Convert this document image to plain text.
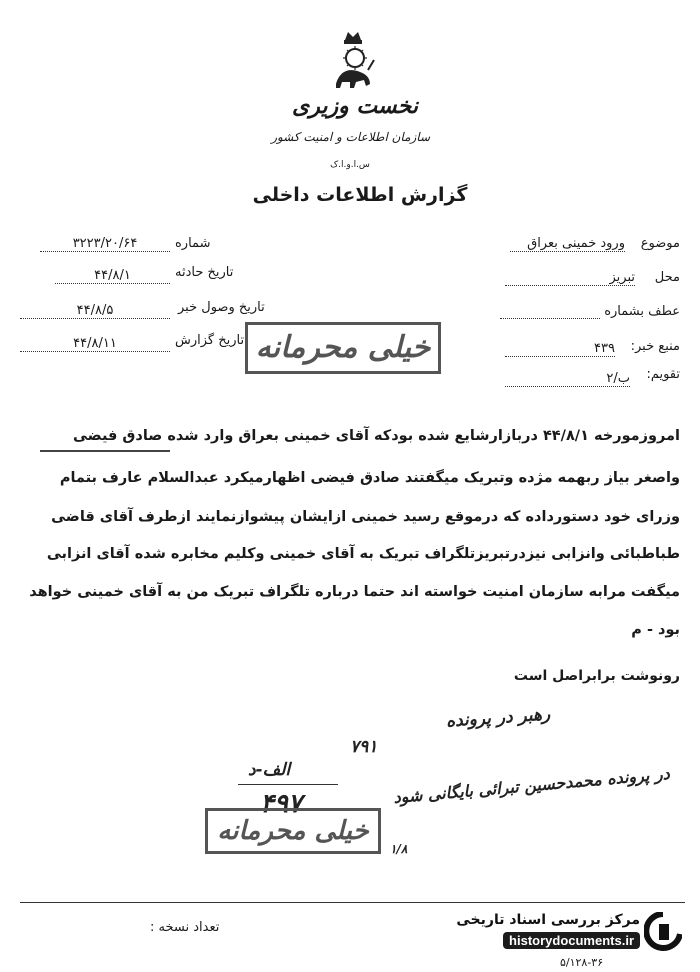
نخست وزیری
سازمان اطلاعات و امنیت کشور
س.ا.و.ا.ک
گزارش اطلاعات داخلی
شماره
۳۲۲۳/۲۰/۶۴
تاریخ حادثه
۴۴/۸/۱
تاریخ وصول خبر
۴۴/۸/۵
تاریخ گزارش
۴۴/۸/۱۱
موضوع
ورود خمینی بعراق
محل
تبریز
عطف بشماره
منبع خبر:
۴۳۹
تقویم:
ب/۲
خیلی محرمانه
امروزمورخه ۴۴/۸/۱ دربازارشایع شده بودکه آقای خمینی بعراق وارد شده صادق فیضی
واصغر بیاز ربهمه مژده وتبریک میگفتند صادق فیضی اظهارمیکرد عبدالسلام عارف بتمام
وزرای خود دستورداده که درموقع رسید خمینی ازایشان پیشوازنمایند ازطرف آقای قاضی
طباطبائی وانزابی نیزدرتبریزتلگراف تبریک به آقای خمینی وکلیم مخابره شده آقای انزابی
میگفت مرابه سازمان امنیت خواسته اند حتما درباره تلگراف تبریک من به آقای خمینی خواهد
بود - م
رونوشت برابراصل است
رهبر در پرونده
۷۹۱
در پرونده محمدحسین تبرائی بایگانی شود
الف-د
۴۹۷
خیلی محرمانه
۱/۸
تعداد نسخه :
۵/۱۲۸-۳۶
مرکز بررسی اسناد تاریخی
historydocuments.ir
